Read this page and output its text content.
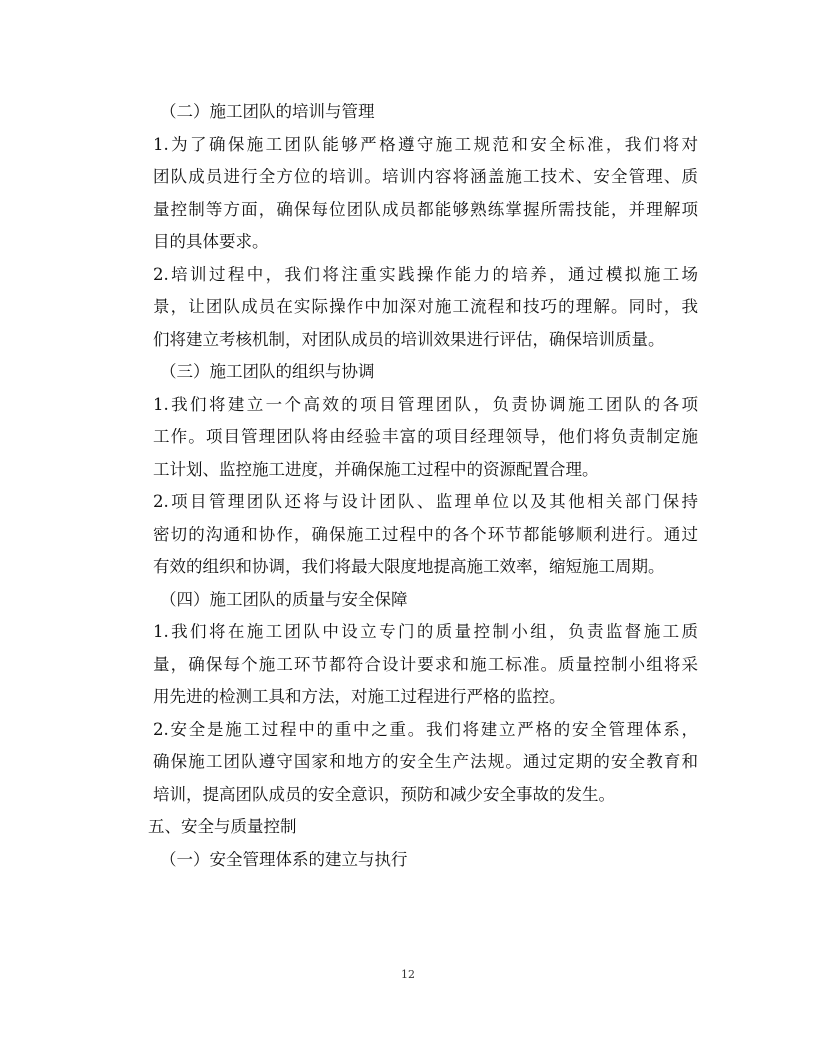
（二）施工团队的培训与管理

1.为了确保施工团队能够严格遵守施工规范和安全标准，我们将对
团队成员进行全方位的培训。培训内容将涵盖施工技术、安全管理、质
量控制等方面，确保每位团队成员都能够熟练掌握所需技能，并理解项
目的具体要求。

2.培训过程中，我们将注重实践操作能力的培养，通过模拟施工场
景，让团队成员在实际操作中加深对施工流程和技巧的理解。同时，我
们将建立考核机制，对团队成员的培训效果进行评估，确保培训质量。

（三）施工团队的组织与协调

1.我们将建立一个高效的项目管理团队，负责协调施工团队的各项
工作。项目管理团队将由经验丰富的项目经理领导，他们将负责制定施
工计划、监控施工进度，并确保施工过程中的资源配置合理。

2.项目管理团队还将与设计团队、监理单位以及其他相关部门保持
密切的沟通和协作，确保施工过程中的各个环节都能够顺利进行。通过
有效的组织和协调，我们将最大限度地提高施工效率，缩短施工周期。

（四）施工团队的质量与安全保障

1.我们将在施工团队中设立专门的质量控制小组，负责监督施工质
量，确保每个施工环节都符合设计要求和施工标准。质量控制小组将采
用先进的检测工具和方法，对施工过程进行严格的监控。

2.安全是施工过程中的重中之重。我们将建立严格的安全管理体系，
确保施工团队遵守国家和地方的安全生产法规。通过定期的安全教育和
培训，提高团队成员的安全意识，预防和减少安全事故的发生。

五、安全与质量控制

（一）安全管理体系的建立与执行

12
